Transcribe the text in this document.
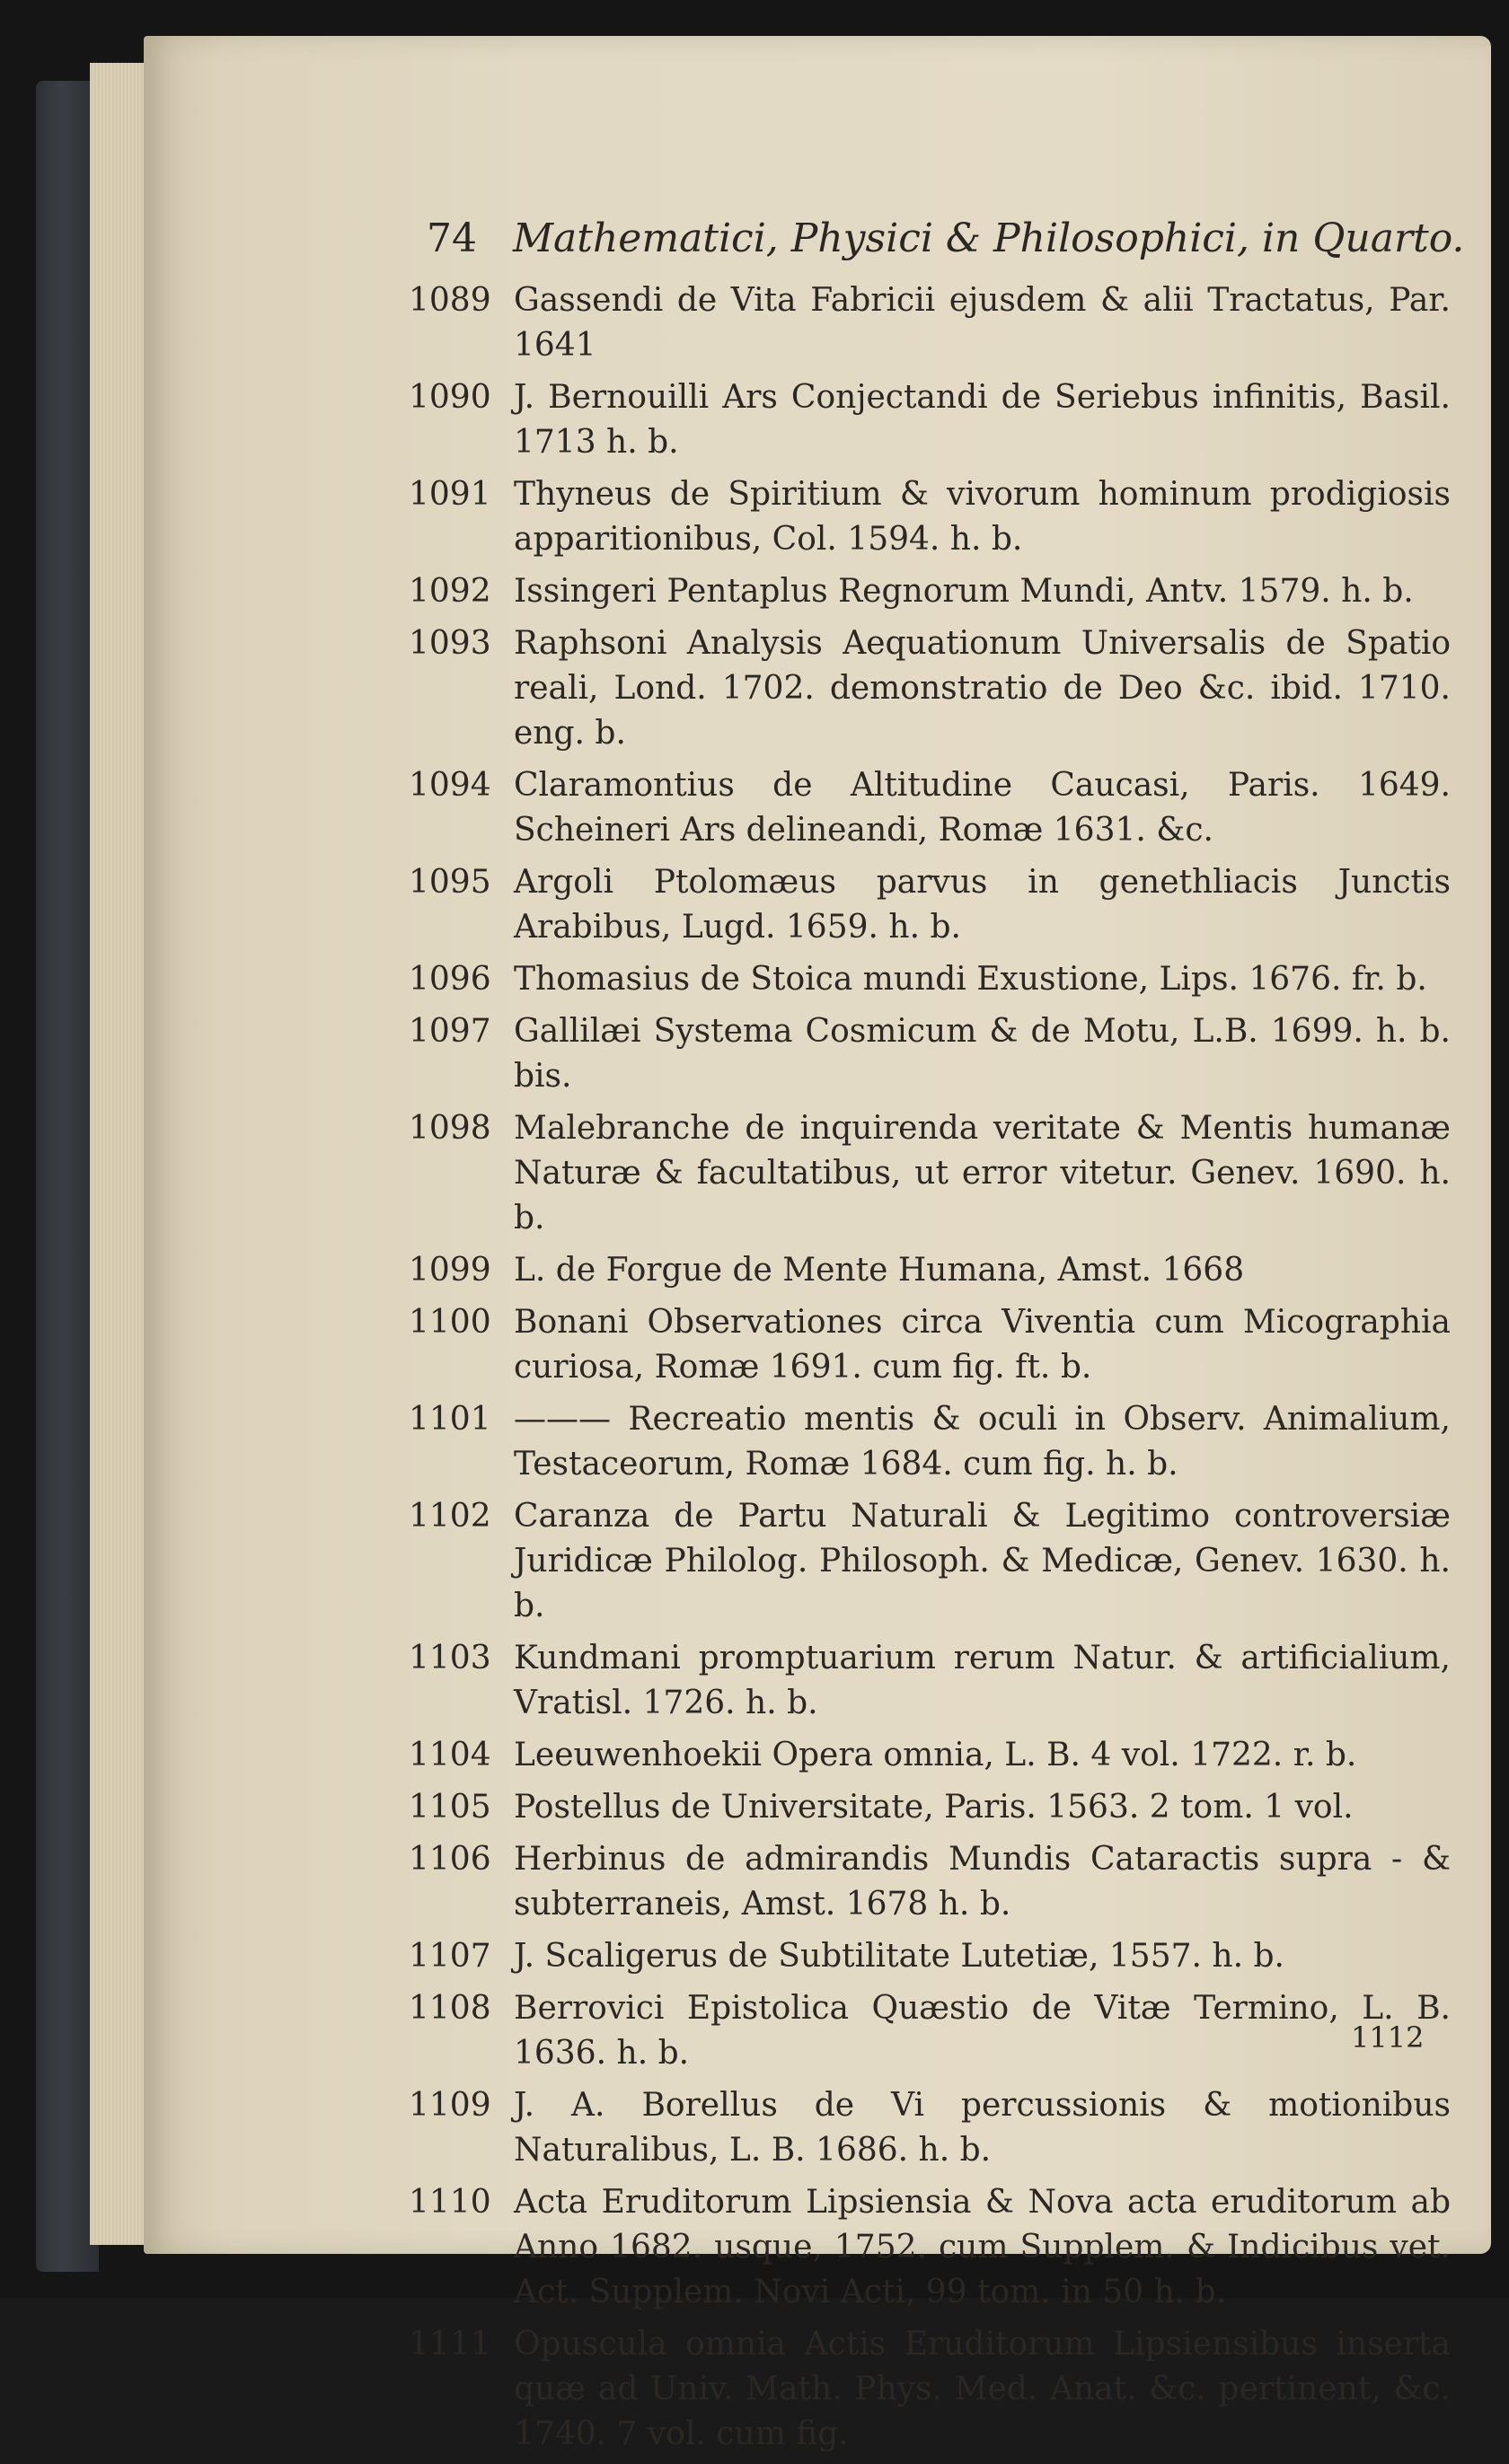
74 Mathematici, Physici & Philosophici, in Quarto.
1089 Gassendi de Vita Fabricii ejusdem & alii Tractatus, Par. 1641
1090 J. Bernouilli Ars Conjectandi de Seriebus infinitis, Basil. 1713 h. b.
1091 Thyneus de Spiritium & vivorum hominum prodigiosis apparitionibus, Col. 1594. h. b.
1092 Issingeri Pentaplus Regnorum Mundi, Antv. 1579. h. b.
1093 Raphsoni Analysis Aequationum Universalis de Spatio reali, Lond. 1702. demonstratio de Deo &c. ibid. 1710. eng. b.
1094 Claramontius de Altitudine Caucasi, Paris. 1649. Scheineri Ars delineandi, Romæ 1631. &c.
1095 Argoli Ptolomæus parvus in genethliacis Junctis Arabibus, Lugd. 1659. h. b.
1096 Thomasius de Stoica mundi Exustione, Lips. 1676. fr. b.
1097 Gallilæi Systema Cosmicum & de Motu, L.B. 1699. h. b. bis.
1098 Malebranche de inquirenda veritate & Mentis humanæ Naturæ & facultatibus, ut error vitetur. Genev. 1690. h. b.
1099 L. de Forgue de Mente Humana, Amst. 1668
1100 Bonani Observationes circa Viventia cum Micographia curiosa, Romæ 1691. cum fig. ft. b.
1101 ——— Recreatio mentis & oculi in Observ. Animalium, Testaceorum, Romæ 1684. cum fig. h. b.
1102 Caranza de Partu Naturali & Legitimo controversiæ Juridicæ Philolog. Philosoph. & Medicæ, Genev. 1630. h. b.
1103 Kundmani promptuarium rerum Natur. & artificialium, Vratisl. 1726. h. b.
1104 Leeuwenhoekii Opera omnia, L. B. 4 vol. 1722. r. b.
1105 Postellus de Universitate, Paris. 1563. 2 tom. 1 vol.
1106 Herbinus de admirandis Mundis Cataractis supra - & subterraneis, Amst. 1678 h. b.
1107 J. Scaligerus de Subtilitate Lutetiæ, 1557. h. b.
1108 Berrovici Epistolica Quæstio de Vitæ Termino, L. B. 1636. h. b.
1109 J. A. Borellus de Vi percussionis & motionibus Naturalibus, L. B. 1686. h. b.
1110 Acta Eruditorum Lipsiensia & Nova acta eruditorum ab Anno 1682. usque, 1752. cum Supplem. & Indicibus vet. Act. Supplem. Novi Acti, 99 tom. in 50 h. b.
1111 Opuscula omnia Actis Eruditorum Lipsiensibus inserta quæ ad Univ. Math. Phys. Med. Anat. &c. pertinent, &c. 1740. 7 vol. cum fig.
1112
